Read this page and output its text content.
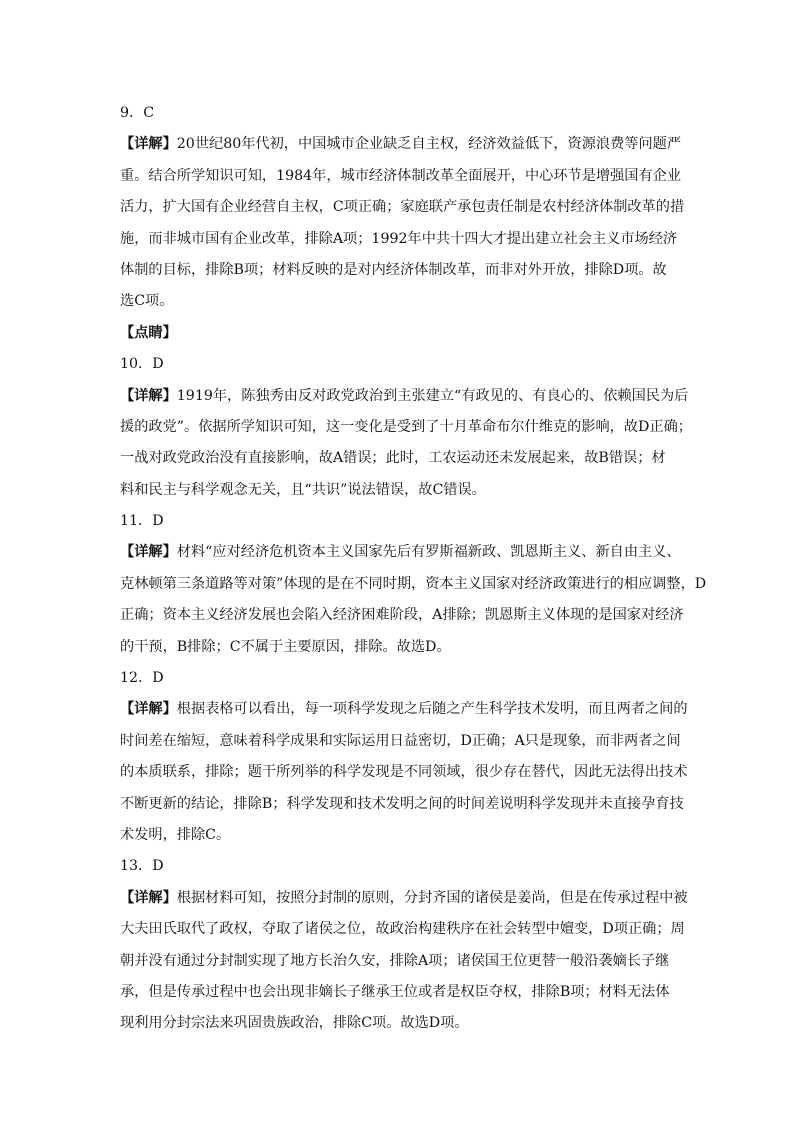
9．C
【详解】20世纪80年代初，中国城市企业缺乏自主权，经济效益低下，资源浪费等问题严
重。结合所学知识可知，1984年，城市经济体制改革全面展开，中心环节是增强国有企业
活力，扩大国有企业经营自主权，C项正确；家庭联产承包责任制是农村经济体制改革的措
施，而非城市国有企业改革，排除A项；1992年中共十四大才提出建立社会主义市场经济
体制的目标，排除B项；材料反映的是对内经济体制改革，而非对外开放，排除D项。故
选C项。
【点睛】
10．D
【详解】1919年，陈独秀由反对政党政治到主张建立“有政见的、有良心的、依赖国民为后
援的政党”。依据所学知识可知，这一变化是受到了十月革命布尔什维克的影响，故D正确；
一战对政党政治没有直接影响，故A错误；此时，工农运动还未发展起来，故B错误；材
料和民主与科学观念无关，且“共识”说法错误，故C错误。
11．D
【详解】材料“应对经济危机资本主义国家先后有罗斯福新政、凯恩斯主义、新自由主义、
克林顿第三条道路等对策”体现的是在不同时期，资本主义国家对经济政策进行的相应调整，D
正确；资本主义经济发展也会陷入经济困难阶段，A排除；凯恩斯主义体现的是国家对经济
的干预，B排除；C不属于主要原因，排除。故选D。
12．D
【详解】根据表格可以看出，每一项科学发现之后随之产生科学技术发明，而且两者之间的
时间差在缩短，意味着科学成果和实际运用日益密切，D正确；A只是现象，而非两者之间
的本质联系，排除；题干所列举的科学发现是不同领域，很少存在替代，因此无法得出技术
不断更新的结论，排除B；科学发现和技术发明之间的时间差说明科学发现并未直接孕育技
术发明，排除C。
13．D
【详解】根据材料可知，按照分封制的原则，分封齐国的诸侯是姜尚，但是在传承过程中被
大夫田氏取代了政权，夺取了诸侯之位，故政治构建秩序在社会转型中嬗变，D项正确；周
朝并没有通过分封制实现了地方长治久安，排除A项；诸侯国王位更替一般沿袭嫡长子继
承，但是传承过程中也会出现非嫡长子继承王位或者是权臣夺权，排除B项；材料无法体
现利用分封宗法来巩固贵族政治，排除C项。故选D项。
